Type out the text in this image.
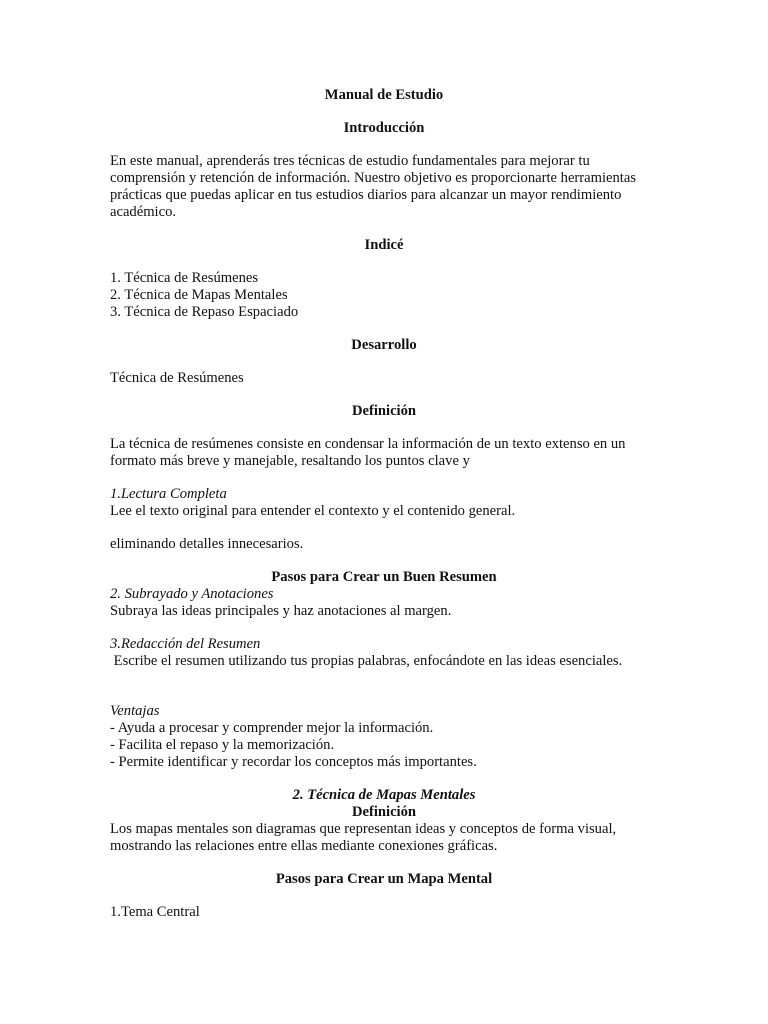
Manual de Estudio

Introducción

En este manual, aprenderás tres técnicas de estudio fundamentales para mejorar tu comprensión y retención de información. Nuestro objetivo es proporcionarte herramientas prácticas que puedas aplicar en tus estudios diarios para alcanzar un mayor rendimiento académico.

Indicé

1. Técnica de Resúmenes
2. Técnica de Mapas Mentales
3. Técnica de Repaso Espaciado

Desarrollo

Técnica de Resúmenes

Definición

La técnica de resúmenes consiste en condensar la información de un texto extenso en un formato más breve y manejable, resaltando los puntos clave y

1.Lectura Completa

Lee el texto original para entender el contexto y el contenido general.

eliminando detalles innecesarios.

Pasos para Crear un Buen Resumen

2. Subrayado y Anotaciones

Subraya las ideas principales y haz anotaciones al margen.

3.Redacción del Resumen

Escribe el resumen utilizando tus propias palabras, enfocándote en las ideas esenciales.

Ventajas

- Ayuda a procesar y comprender mejor la información.
- Facilita el repaso y la memorización.
- Permite identificar y recordar los conceptos más importantes.

2. Técnica de Mapas Mentales

Definición

Los mapas mentales son diagramas que representan ideas y conceptos de forma visual, mostrando las relaciones entre ellas mediante conexiones gráficas.

Pasos para Crear un Mapa Mental

1.Tema Central
